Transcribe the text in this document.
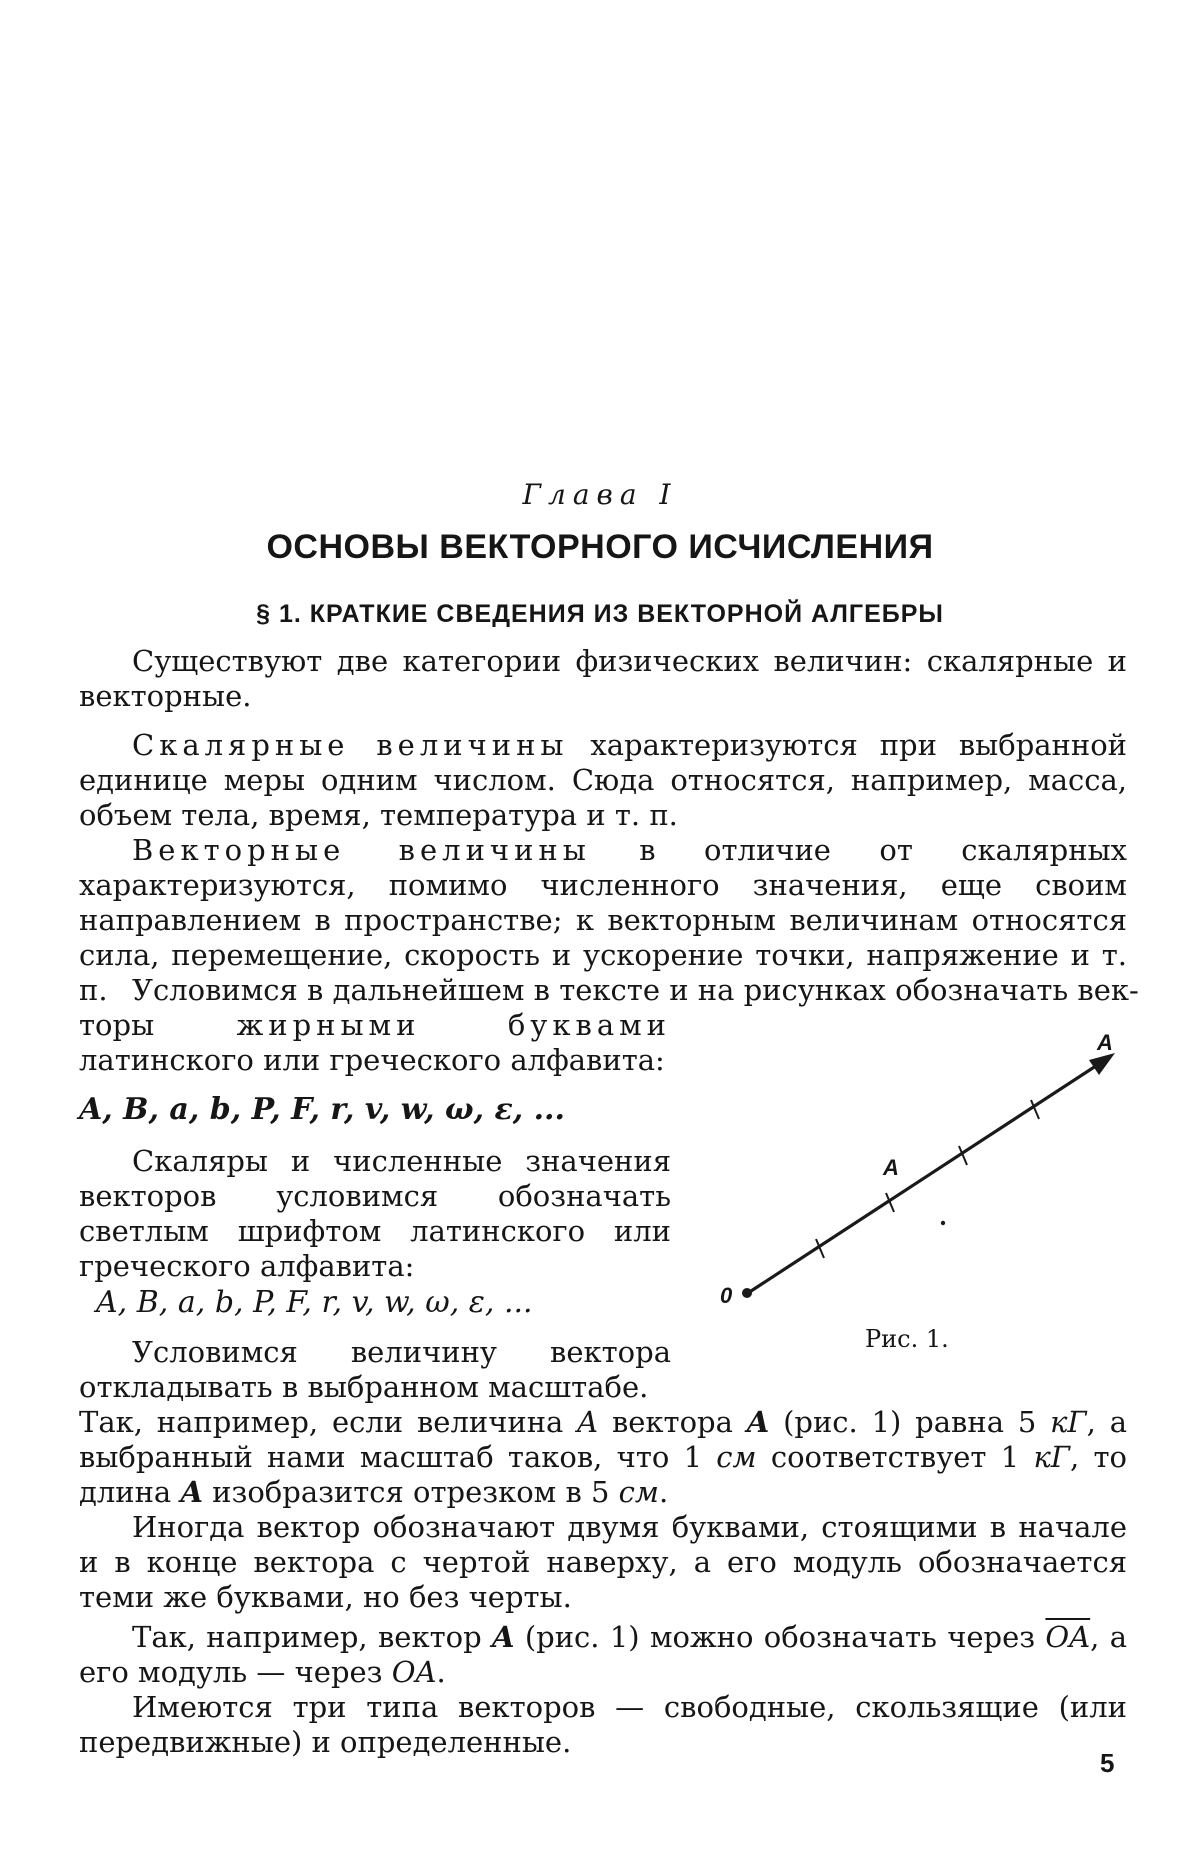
Глава I
ОСНОВЫ ВЕКТОРНОГО ИСЧИСЛЕНИЯ
§ 1. КРАТКИЕ СВЕДЕНИЯ ИЗ ВЕКТОРНОЙ АЛГЕБРЫ

Существуют две категории физических величин: скалярные и векторные.

Скалярные величины характеризуются при выбранной единице меры одним числом. Сюда относятся, например, масса, объем тела, время, температура и т. п.

Векторные величины в отличие от скалярных характеризуются, помимо численного значения, еще своим направлением в пространстве; к векторным величинам относятся сила, перемещение, скорость и ускорение точки, напряжение и т. п. Условимся в дальнейшем в тексте и на рисунках обозначать век-

торы жирными буквами латинского или греческого алфавита:

A, B, a, b, P, F, r, v, w, ω, ε, ...

Скаляры и численные значения векторов условимся обозначать светлым шрифтом латинского или греческого алфавита:

A, B, a, b, P, F, r, v, w, ω, ε, ...

Условимся величину вектора откладывать в выбранном масштабе.

Так, например, если величина A вектора A (рис. 1) равна 5 кГ, а выбранный нами масштаб таков, что 1 см соответствует 1 кГ, то длина A изобразится отрезком в 5 см.

Иногда вектор обозначают двумя буквами, стоящими в начале и в конце вектора с чертой наверху, а его модуль обозначается теми же буквами, но без черты.

Так, например, вектор A (рис. 1) можно обозначать через $\overline{OA}$, а его модуль — через OA.

Имеются три типа векторов — свободные, скользящие (или передвижные) и определенные.

0
A
A
Рис. 1.
5
